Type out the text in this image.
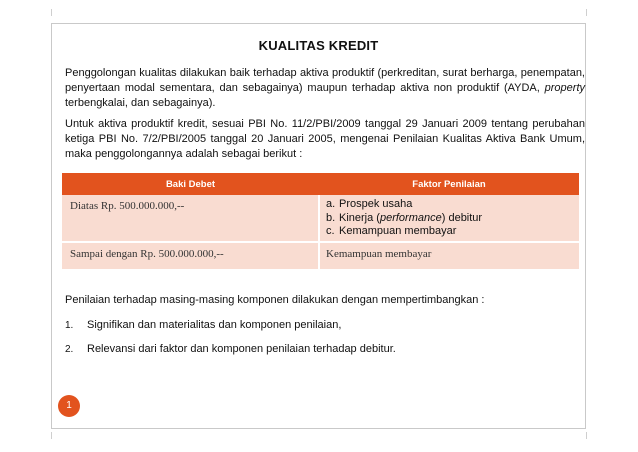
KUALITAS KREDIT
Penggolongan kualitas dilakukan baik terhadap aktiva produktif (perkreditan, surat berharga, penempatan, penyertaan modal sementara, dan sebagainya) maupun terhadap aktiva non produktif (AYDA, property terbengkalai, dan sebagainya).
Untuk aktiva produktif kredit, sesuai PBI No. 11/2/PBI/2009 tanggal 29 Januari 2009 tentang perubahan ketiga PBI No. 7/2/PBI/2005 tanggal 20 Januari 2005, mengenai Penilaian Kualitas Aktiva Bank Umum, maka penggolongannya adalah sebagai berikut :
Baki Debet	Faktor Penilaian
Diatas Rp. 500.000.000,--	a. Prospek usaha
b. Kinerja (performance) debitur
c. Kemampuan membayar

Sampai dengan Rp. 500.000.000,--	Kemampuan membayar
Penilaian terhadap masing-masing komponen dilakukan dengan mempertimbangkan :
1. Signifikan dan materialitas dan komponen penilaian,
2. Relevansi dari faktor dan komponen penilaian terhadap debitur.
1
